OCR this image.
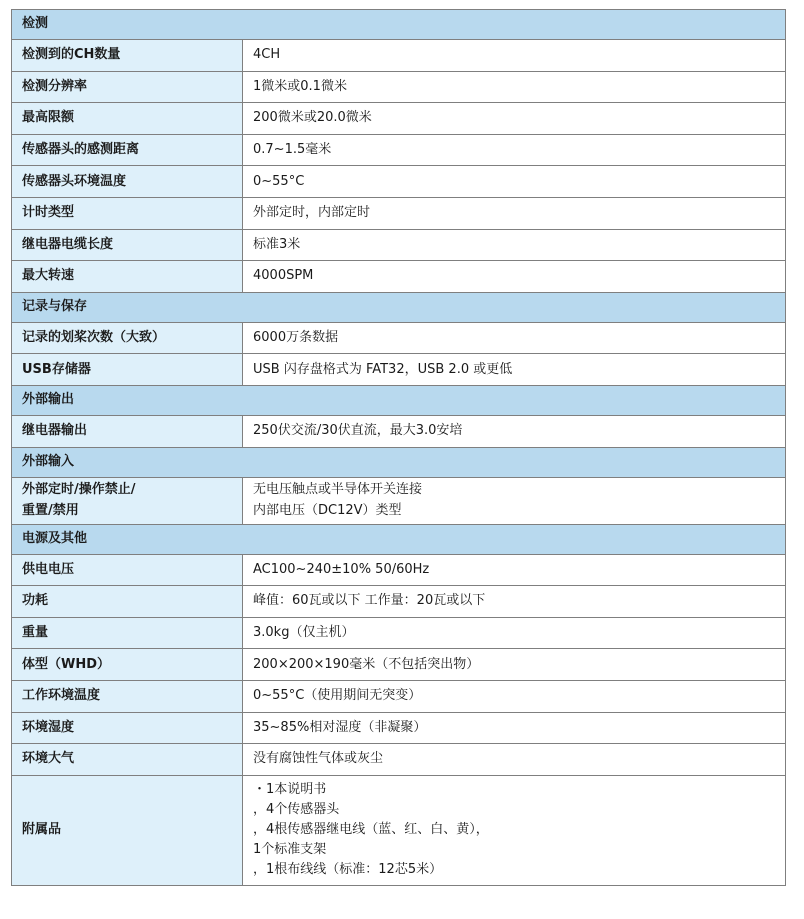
检测	
检测到的CH数量	4CH
检测分辨率	1微米或0.1微米
最高限额	200微米或20.0微米
传感器头的感测距离	0.7~1.5毫米
传感器头环境温度	0~55°C
计时类型	外部定时，内部定时
继电器电缆长度	标准3米
最大转速	4000SPM
记录与保存	
记录的划桨次数（大致）	6000万条数据
USB存储器	USB 闪存盘格式为 FAT32，USB 2.0 或更低
外部输出	
继电器输出	250伏交流/30伏直流，最大3.0安培
外部输入	

外部定时/操作禁止/
重置/禁用	无电压触点或半导体开关连接
内部电压（DC12V）类型

电源及其他	
供电电压	AC100~240±10% 50/60Hz
功耗	峰值：60瓦或以下 工作量：20瓦或以下
重量	3.0kg（仅主机）
体型（WHD）	200×200×190毫米（不包括突出物）
工作环境温度	0~55°C（使用期间无突变）
环境湿度	35~85%相对湿度（非凝聚）
环境大气	没有腐蚀性气体或灰尘
附属品	・1本说明书
，4个传感器头
，4根传感器继电线（蓝、红、白、黄），
1个标准支架
，1根布线线（标准：12芯5米）
